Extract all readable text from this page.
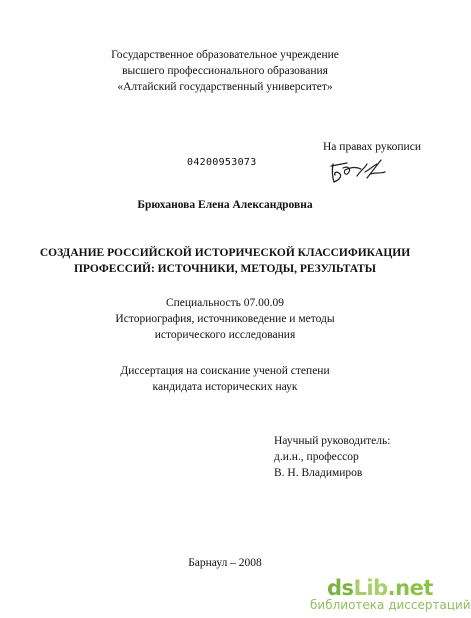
Государственное образовательное учреждение
высшего профессионального образования
«Алтайский государственный университет»
На правах рукописи
04200953073
Брюханова Елена Александровна
СОЗДАНИЕ РОССИЙСКОЙ ИСТОРИЧЕСКОЙ КЛАССИФИКАЦИИ
ПРОФЕССИЙ: ИСТОЧНИКИ, МЕТОДЫ, РЕЗУЛЬТАТЫ
Специальность 07.00.09
Историография, источниковедение и методы
исторического исследования
Диссертация на соискание ученой степени
кандидата исторических наук
Научный руководитель:
д.и.н., профессор
В. Н. Владимиров
Барнаул – 2008
dsLib.net
библиотека диссертаций
